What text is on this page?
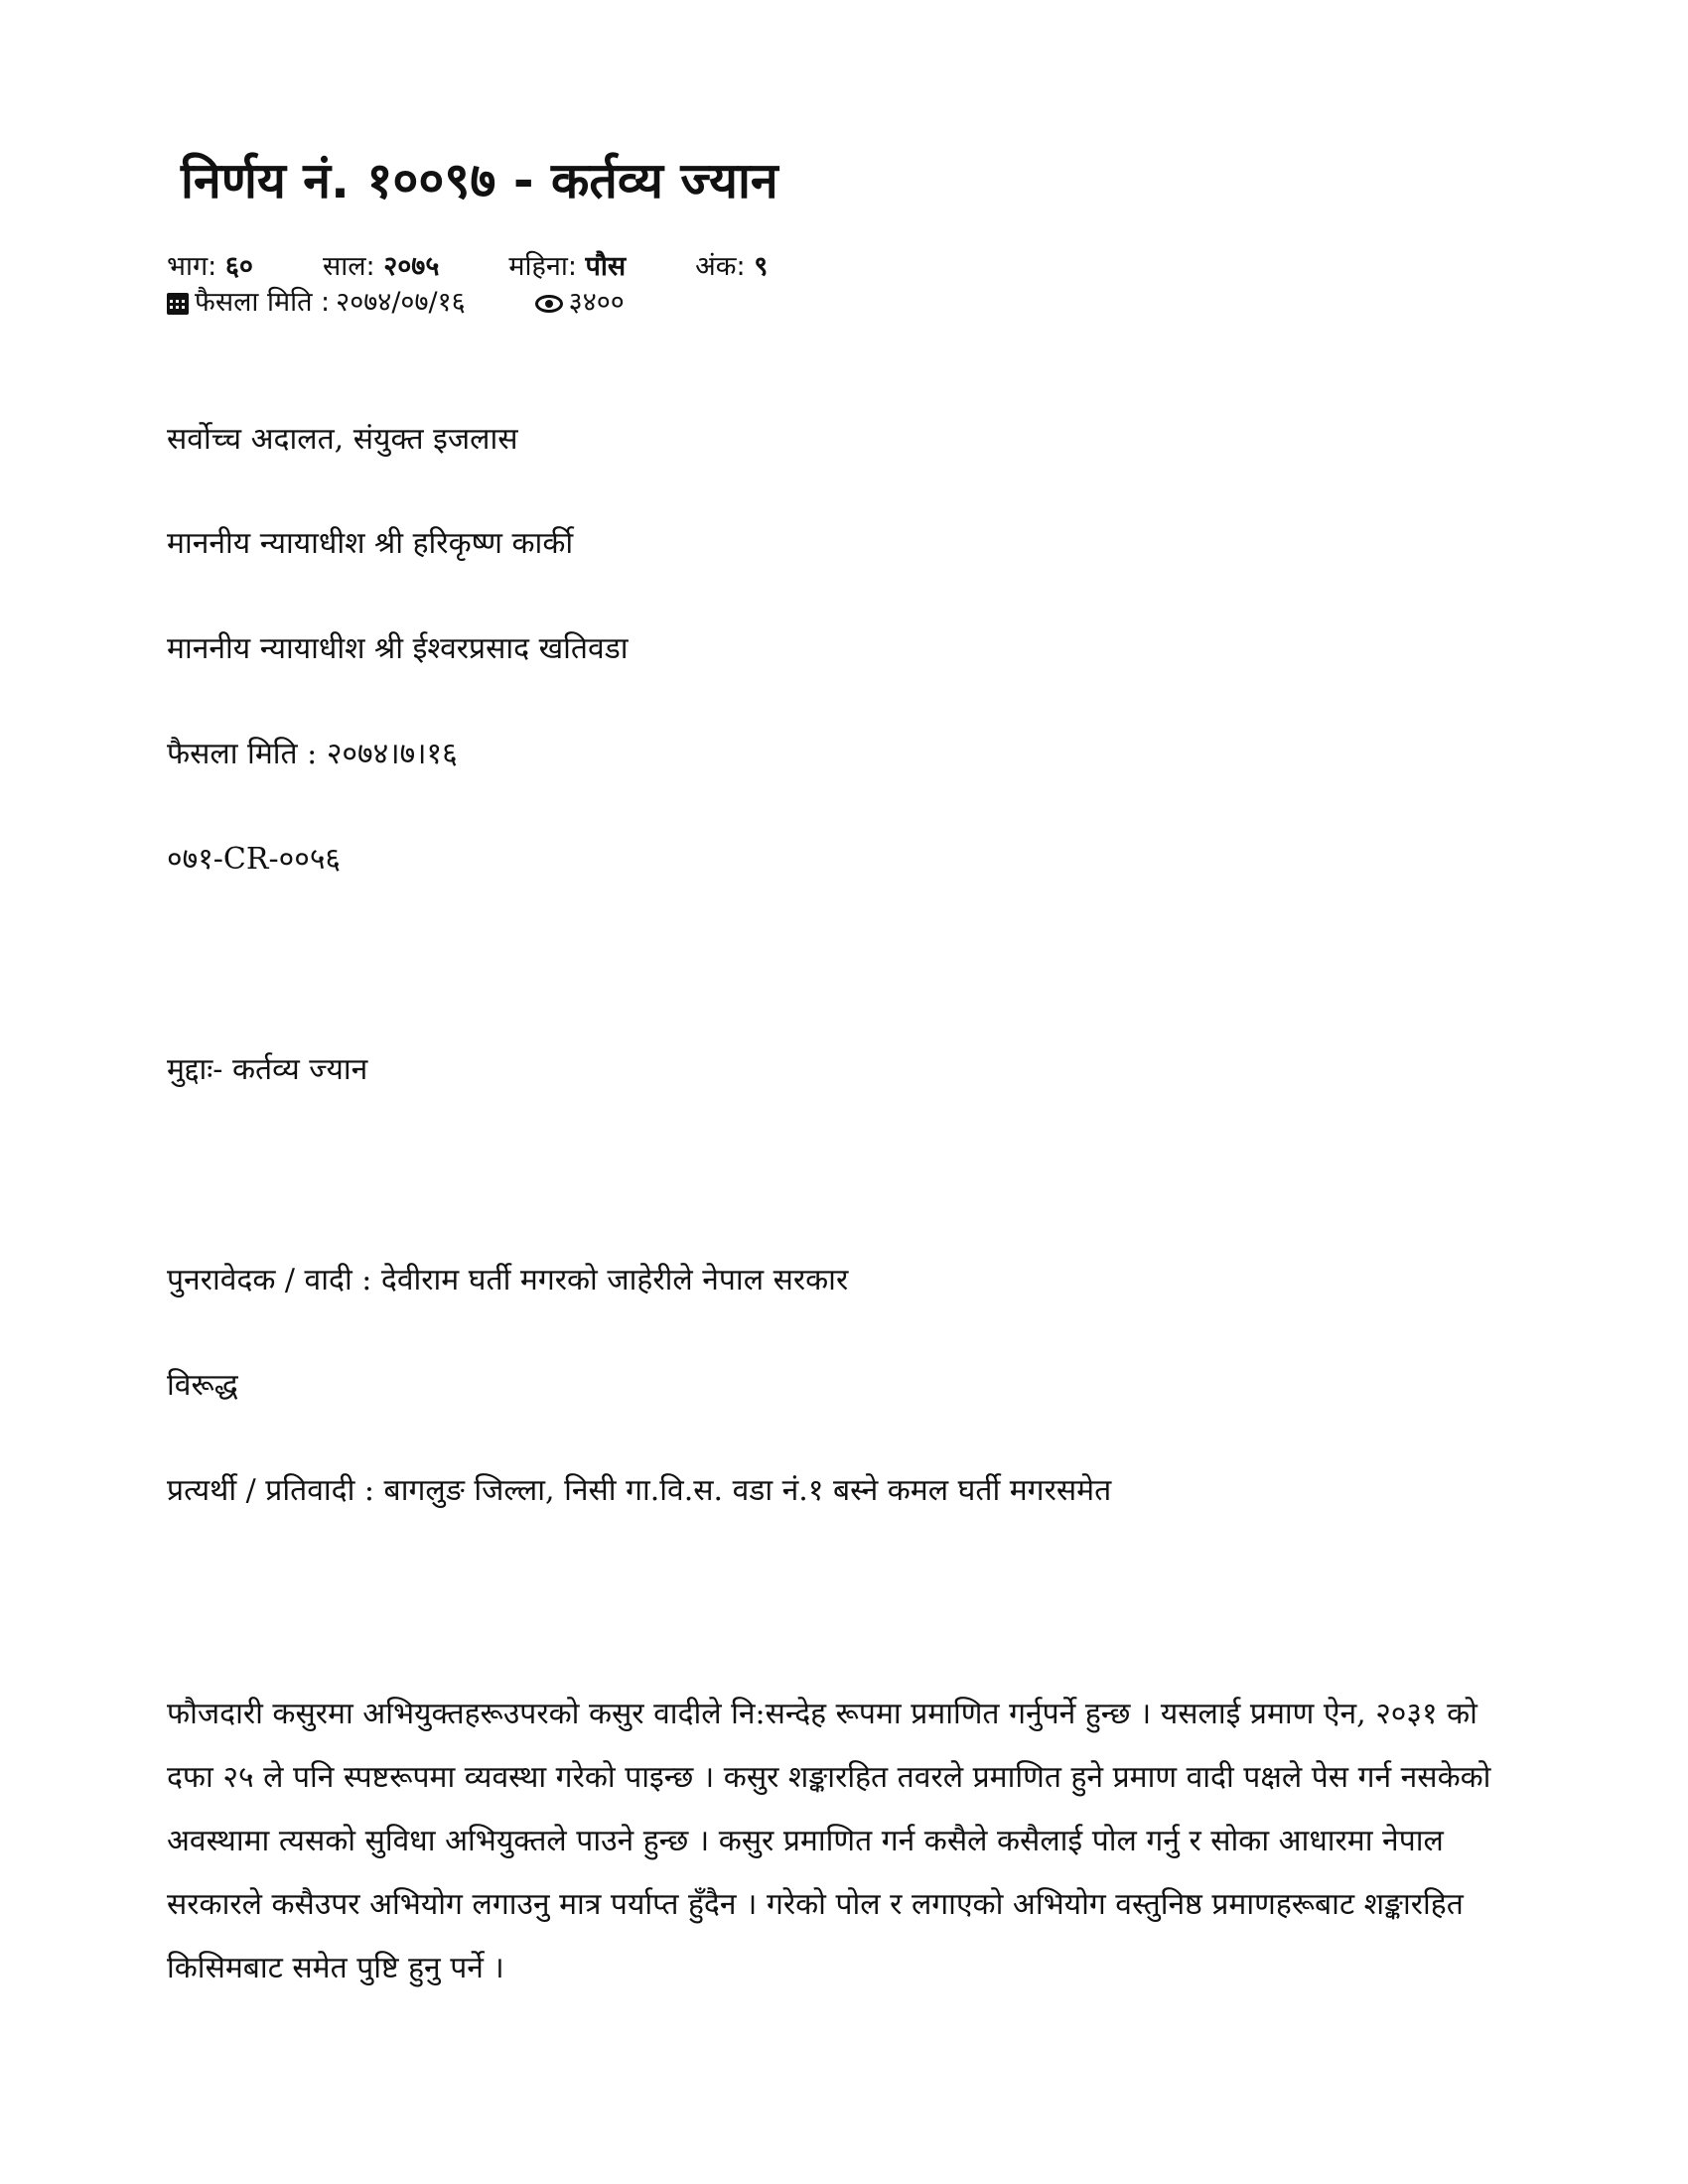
निर्णय नं. १००९७ - कर्तव्य ज्यान
भाग: ६०	साल: २०७५	महिना: पौस	अंक: ९
फैसला मिति : २०७४/०७/१६	३४००

सर्वोच्च अदालत, संयुक्त इजलास

माननीय न्यायाधीश श्री हरिकृष्ण कार्की

माननीय न्यायाधीश श्री ईश्वरप्रसाद खतिवडा

फैसला मिति : २०७४।७।१६

०७१-CR-००५६

मुद्दाः- कर्तव्य ज्यान

पुनरावेदक / वादी : देवीराम घर्ती मगरको जाहेरीले नेपाल सरकार

विरूद्ध

प्रत्यर्थी / प्रतिवादी : बागलुङ जिल्ला, निसी गा.वि.स. वडा नं.१ बस्ने कमल घर्ती मगरसमेत

फौजदारी कसुरमा अभियुक्तहरूउपरको कसुर वादीले नि:सन्देह रूपमा प्रमाणित गर्नुपर्ने हुन्छ । यसलाई प्रमाण ऐन, २०३१ को दफा २५ ले पनि स्पष्टरूपमा व्यवस्था गरेको पाइन्छ । कसुर शङ्कारहित तवरले प्रमाणित हुने प्रमाण वादी पक्षले पेस गर्न नसकेको अवस्थामा त्यसको सुविधा अभियुक्तले पाउने हुन्छ । कसुर प्रमाणित गर्न कसैले कसैलाई पोल गर्नु र सोका आधारमा नेपाल सरकारले कसैउपर अभियोग लगाउनु मात्र पर्याप्त हुँदैन । गरेको पोल र लगाएको अभियोग वस्तुनिष्ठ प्रमाणहरूबाट शङ्कारहित किसिमबाट समेत पुष्टि हुनु पर्ने ।
